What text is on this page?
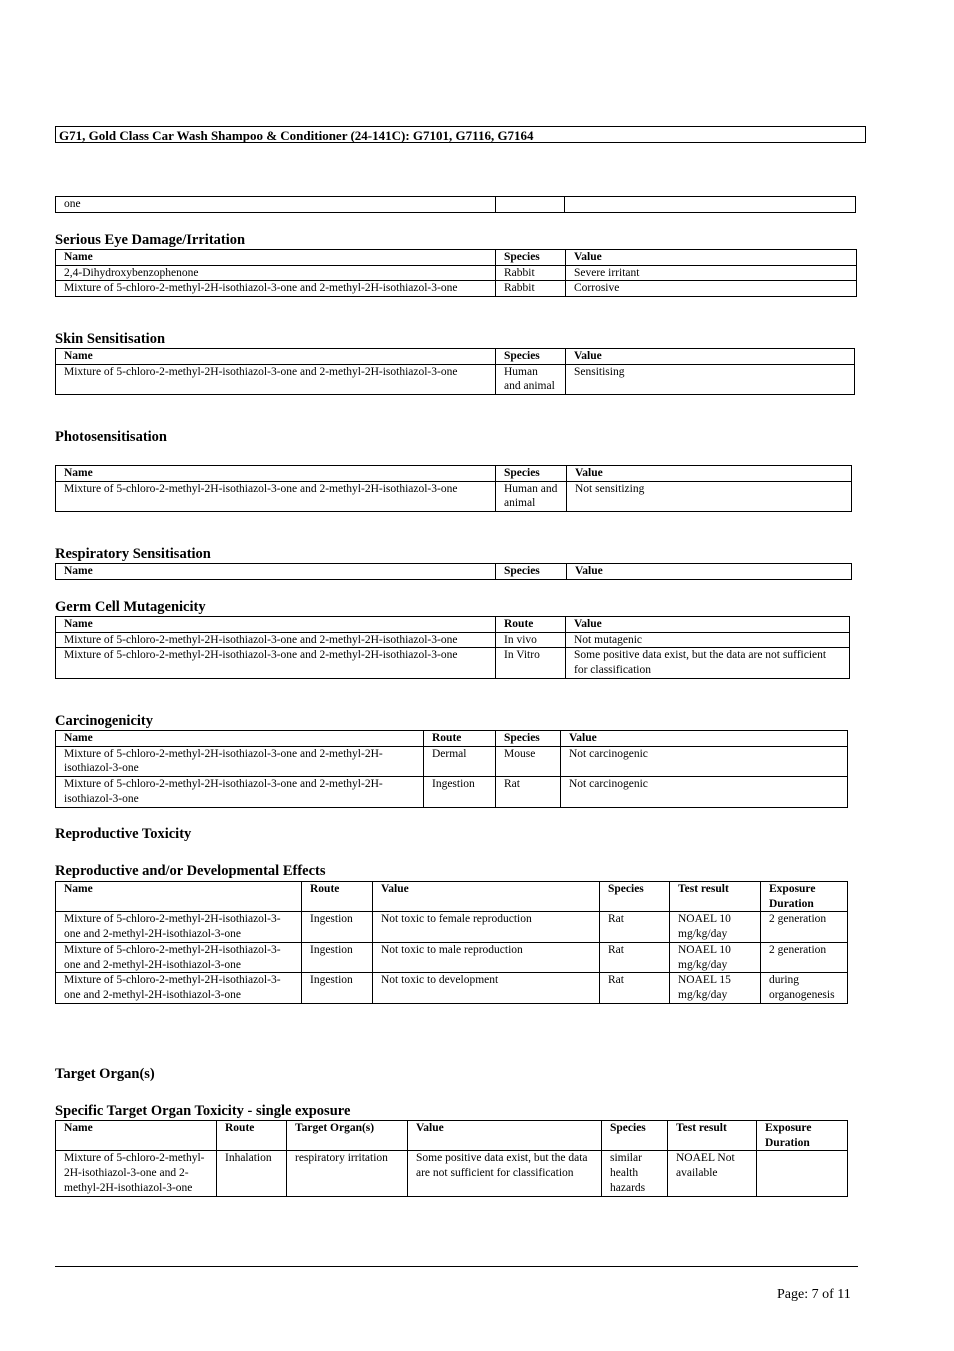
G71, Gold Class Car Wash Shampoo & Conditioner (24-141C): G7101, G7116, G7164
one		
Serious Eye Damage/Irritation
Name	Species	Value
2,4-Dihydroxybenzophenone	Rabbit	Severe irritant
Mixture of 5-chloro-2-methyl-2H-isothiazol-3-one and 2-methyl-2H-isothiazol-3-one	Rabbit	Corrosive
Skin Sensitisation
Name	Species	Value
Mixture of 5-chloro-2-methyl-2H-isothiazol-3-one and 2-methyl-2H-isothiazol-3-one	Human and animal	Sensitising
Photosensitisation
Name	Species	Value
Mixture of 5-chloro-2-methyl-2H-isothiazol-3-one and 2-methyl-2H-isothiazol-3-one	Human and animal	Not sensitizing
Respiratory Sensitisation
Name	Species	Value
Germ Cell Mutagenicity
Name	Route	Value
Mixture of 5-chloro-2-methyl-2H-isothiazol-3-one and 2-methyl-2H-isothiazol-3-one	In vivo	Not mutagenic
Mixture of 5-chloro-2-methyl-2H-isothiazol-3-one and 2-methyl-2H-isothiazol-3-one	In Vitro	Some positive data exist, but the data are not sufficient for classification
Carcinogenicity
Name	Route	Species	Value
Mixture of 5-chloro-2-methyl-2H-isothiazol-3-one and 2-methyl-2H-isothiazol-3-one	Dermal	Mouse	Not carcinogenic
Mixture of 5-chloro-2-methyl-2H-isothiazol-3-one and 2-methyl-2H-isothiazol-3-one	Ingestion	Rat	Not carcinogenic
Reproductive Toxicity
Reproductive and/or Developmental Effects
Name	Route	Value	Species	Test result	Exposure Duration
Mixture of 5-chloro-2-methyl-2H-isothiazol-3-one and 2-methyl-2H-isothiazol-3-one	Ingestion	Not toxic to female reproduction	Rat	NOAEL 10 mg/kg/day	2 generation
Mixture of 5-chloro-2-methyl-2H-isothiazol-3-one and 2-methyl-2H-isothiazol-3-one	Ingestion	Not toxic to male reproduction	Rat	NOAEL 10 mg/kg/day	2 generation
Mixture of 5-chloro-2-methyl-2H-isothiazol-3-one and 2-methyl-2H-isothiazol-3-one	Ingestion	Not toxic to development	Rat	NOAEL 15 mg/kg/day	during organogenesis
Target Organ(s)
Specific Target Organ Toxicity - single exposure
Name	Route	Target Organ(s)	Value	Species	Test result	Exposure Duration
Mixture of 5-chloro-2-methyl-2H-isothiazol-3-one and 2-methyl-2H-isothiazol-3-one	Inhalation	respiratory irritation	Some positive data exist, but the data are not sufficient for classification	similar health hazards	NOAEL Not available	
Page: 7 of 11
